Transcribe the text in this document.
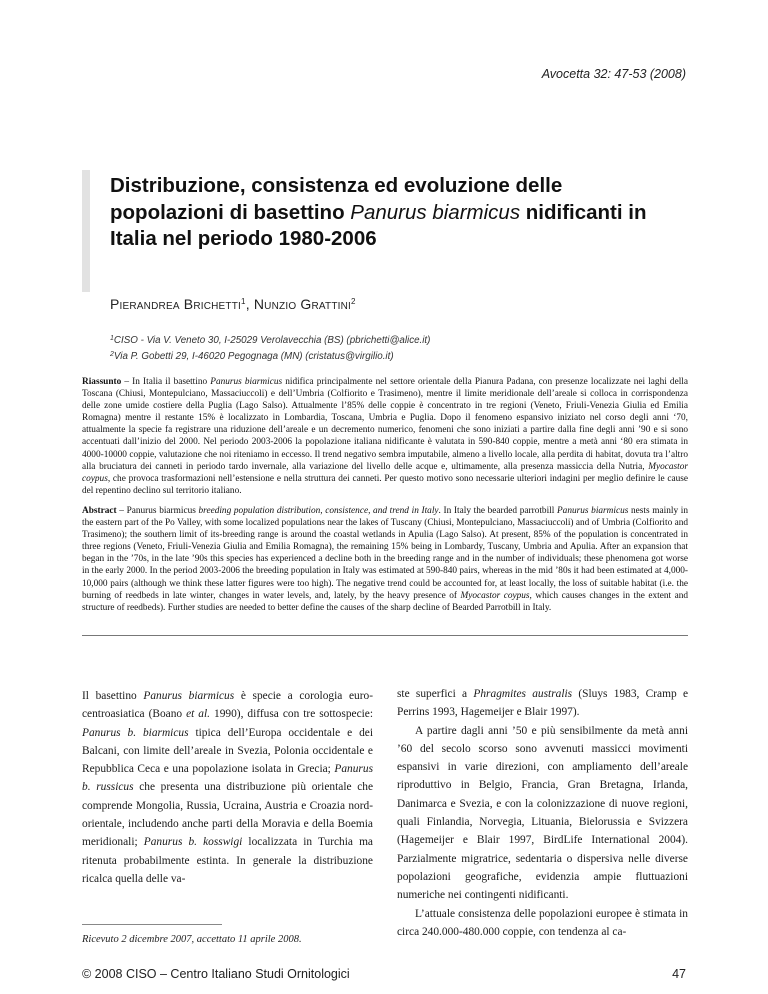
Avocetta 32: 47-53 (2008)
Distribuzione, consistenza ed evoluzione delle popolazioni di basettino Panurus biarmicus nidificanti in Italia nel periodo 1980-2006
Pierandrea Brichetti$^1$, Nunzio Grattini$^2$
$^1$CISO - Via V. Veneto 30, I-25029 Verolavecchia (BS) (pbrichetti@alice.it)
$^2$Via P. Gobetti 29, I-46020 Pegognaga (MN) (cristatus@virgilio.it)

Riassunto – In Italia il basettino Panurus biarmicus nidifica principalmente nel settore orientale della Pianura Padana, con presenze localizzate nei laghi della Toscana (Chiusi, Montepulciano, Massaciuccoli) e dell’Umbria (Colfiorito e Trasimeno), mentre il limite meridionale dell’areale si colloca in corrispondenza delle zone umide costiere della Puglia (Lago Salso). Attualmente l’85% delle coppie è concentrato in tre regioni (Veneto, Friuli-Venezia Giulia ed Emilia Romagna) mentre il restante 15% è localizzato in Lombardia, Toscana, Umbria e Puglia. Dopo il fenomeno espansivo iniziato nel corso degli anni ‘70, attualmente la specie fa registrare una riduzione dell’areale e un decremento numerico, fenomeni che sono iniziati a partire dalla fine degli anni ’90 e si sono accentuati dall’inizio del 2000. Nel periodo 2003-2006 la popolazione italiana nidificante è valutata in 590-840 coppie, mentre a metà anni ‘80 era stimata in 4000-10000 coppie, valutazione che noi riteniamo in eccesso. Il trend negativo sembra imputabile, almeno a livello locale, alla perdita di habitat, dovuta tra l’altro alla bruciatura dei canneti in periodo tardo invernale, alla variazione del livello delle acque e, ultimamente, alla presenza massiccia della Nutria, Myocastor coypus, che provoca trasformazioni nell’estensione e nella struttura dei canneti. Per questo motivo sono necessarie ulteriori indagini per meglio definire le cause del repentino declino sul territorio italiano.

Abstract – Panurus biarmicus breeding population distribution, consistence, and trend in Italy. In Italy the bearded parrotbill Panurus biarmicus nests mainly in the eastern part of the Po Valley, with some localized populations near the lakes of Tuscany (Chiusi, Montepulciano, Massaciuccoli) and of Umbria (Colfiorito and Trasimeno); the southern limit of its-breeding range is around the coastal wetlands in Apulia (Lago Salso). At present, 85% of the population is concentrated in three regions (Veneto, Friuli-Venezia Giulia and Emilia Romagna), the remaining 15% being in Lombardy, Tuscany, Umbria and Apulia. After an expansion that began in the ’70s, in the late ’90s this species has experienced a decline both in the breeding range and in the number of individuals; these phenomena got worse in the early 2000. In the period 2003-2006 the breeding population in Italy was estimated at 590-840 pairs, whereas in the mid ’80s it had been estimated at 4,000-10,000 pairs (although we think these latter figures were too high). The negative trend could be accounted for, at least locally, the loss of suitable habitat (i.e. the burning of reedbeds in late winter, changes in water levels, and, lately, by the heavy presence of Myocastor coypus, which causes changes in the extent and structure of reedbeds). Further studies are needed to better define the causes of the sharp decline of Bearded Parrotbill in Italy.

Il basettino Panurus biarmicus è specie a corologia euro-centroasiatica (Boano et al. 1990), diffusa con tre sottospecie: Panurus b. biarmicus tipica dell’Europa occidentale e dei Balcani, con limite dell’areale in Svezia, Polonia occidentale e Repubblica Ceca e una popolazione isolata in Grecia; Panurus b. russicus che presenta una distribuzione più orientale che comprende Mongolia, Russia, Ucraina, Austria e Croazia nord-orientale, includendo anche parti della Moravia e della Boemia meridionali; Panurus b. kosswigi localizzata in Turchia ma ritenuta probabilmente estinta. In generale la distribuzione ricalca quella delle va-

ste superfici a Phragmites australis (Sluys 1983, Cramp e Perrins 1993, Hagemeijer e Blair 1997).

A partire dagli anni ’50 e più sensibilmente da metà anni ’60 del secolo scorso sono avvenuti massicci movimenti espansivi in varie direzioni, con ampliamento dell’areale riproduttivo in Belgio, Francia, Gran Bretagna, Irlanda, Danimarca e Svezia, e con la colonizzazione di nuove regioni, quali Finlandia, Norvegia, Lituania, Bielorussia e Svizzera (Hagemeijer e Blair 1997, BirdLife International 2004). Parzialmente migratrice, sedentaria o dispersiva nelle diverse popolazioni geografiche, evidenzia ampie fluttuazioni numeriche nei contingenti nidificanti.

L’attuale consistenza delle popolazioni europee è stimata in circa 240.000-480.000 coppie, con tendenza al ca-

Ricevuto 2 dicembre 2007, accettato 11 aprile 2008.
© 2008 CISO – Centro Italiano Studi Ornitologici	47
